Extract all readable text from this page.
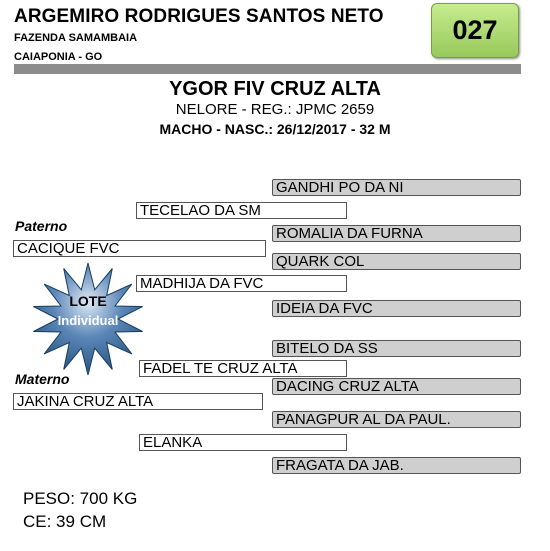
ARGEMIRO RODRIGUES SANTOS NETO
FAZENDA SAMAMBAIA
CAIAPONIA - GO
027
YGOR FIV CRUZ ALTA
NELORE - REG.: JPMC 2659
MACHO - NASC.: 26/12/2017 - 32 M
GANDHI PO DA NI
TECELAO DA SM
Paterno	ROMALIA DA FURNA
CACIQUE FVC
QUARK COL
MADHIJA DA FVC
IDEIA DA FVC
BITELO DA SS
FADEL TE CRUZ ALTA
Materno	DACING CRUZ ALTA
JAKINA CRUZ ALTA
PANAGPUR AL DA PAUL.
ELANKA
FRAGATA DA JAB.
LOTE
Individual
PESO: 700 KG
CE: 39 CM
